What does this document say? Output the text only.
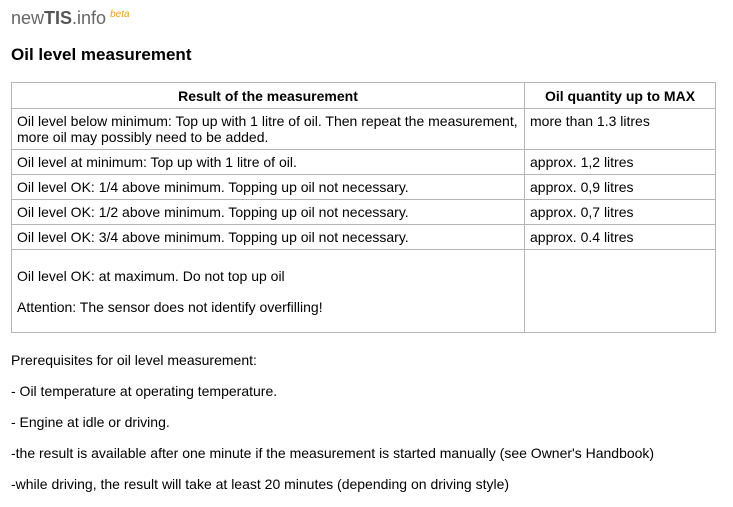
newTIS.info $^{beta}$
Oil level measurement
Result of the measurement	Oil quantity up to MAX
Oil level below minimum: Top up with 1 litre of oil. Then repeat the measurement, more oil may possibly need to be added.	more than 1.3 litres
Oil level at minimum: Top up with 1 litre of oil.	approx. 1,2 litres
Oil level OK: 1/4 above minimum. Topping up oil not necessary.	approx. 0,9 litres
Oil level OK: 1/2 above minimum. Topping up oil not necessary.	approx. 0,7 litres
Oil level OK: 3/4 above minimum. Topping up oil not necessary.	approx. 0.4 litres

Oil level OK: at maximum. Do not top up oil

Attention: The sensor does not identify overfilling!	

Prerequisites for oil level measurement:

- Oil temperature at operating temperature.

- Engine at idle or driving.

-the result is available after one minute if the measurement is started manually (see Owner's Handbook)

-while driving, the result will take at least 20 minutes (depending on driving style)
